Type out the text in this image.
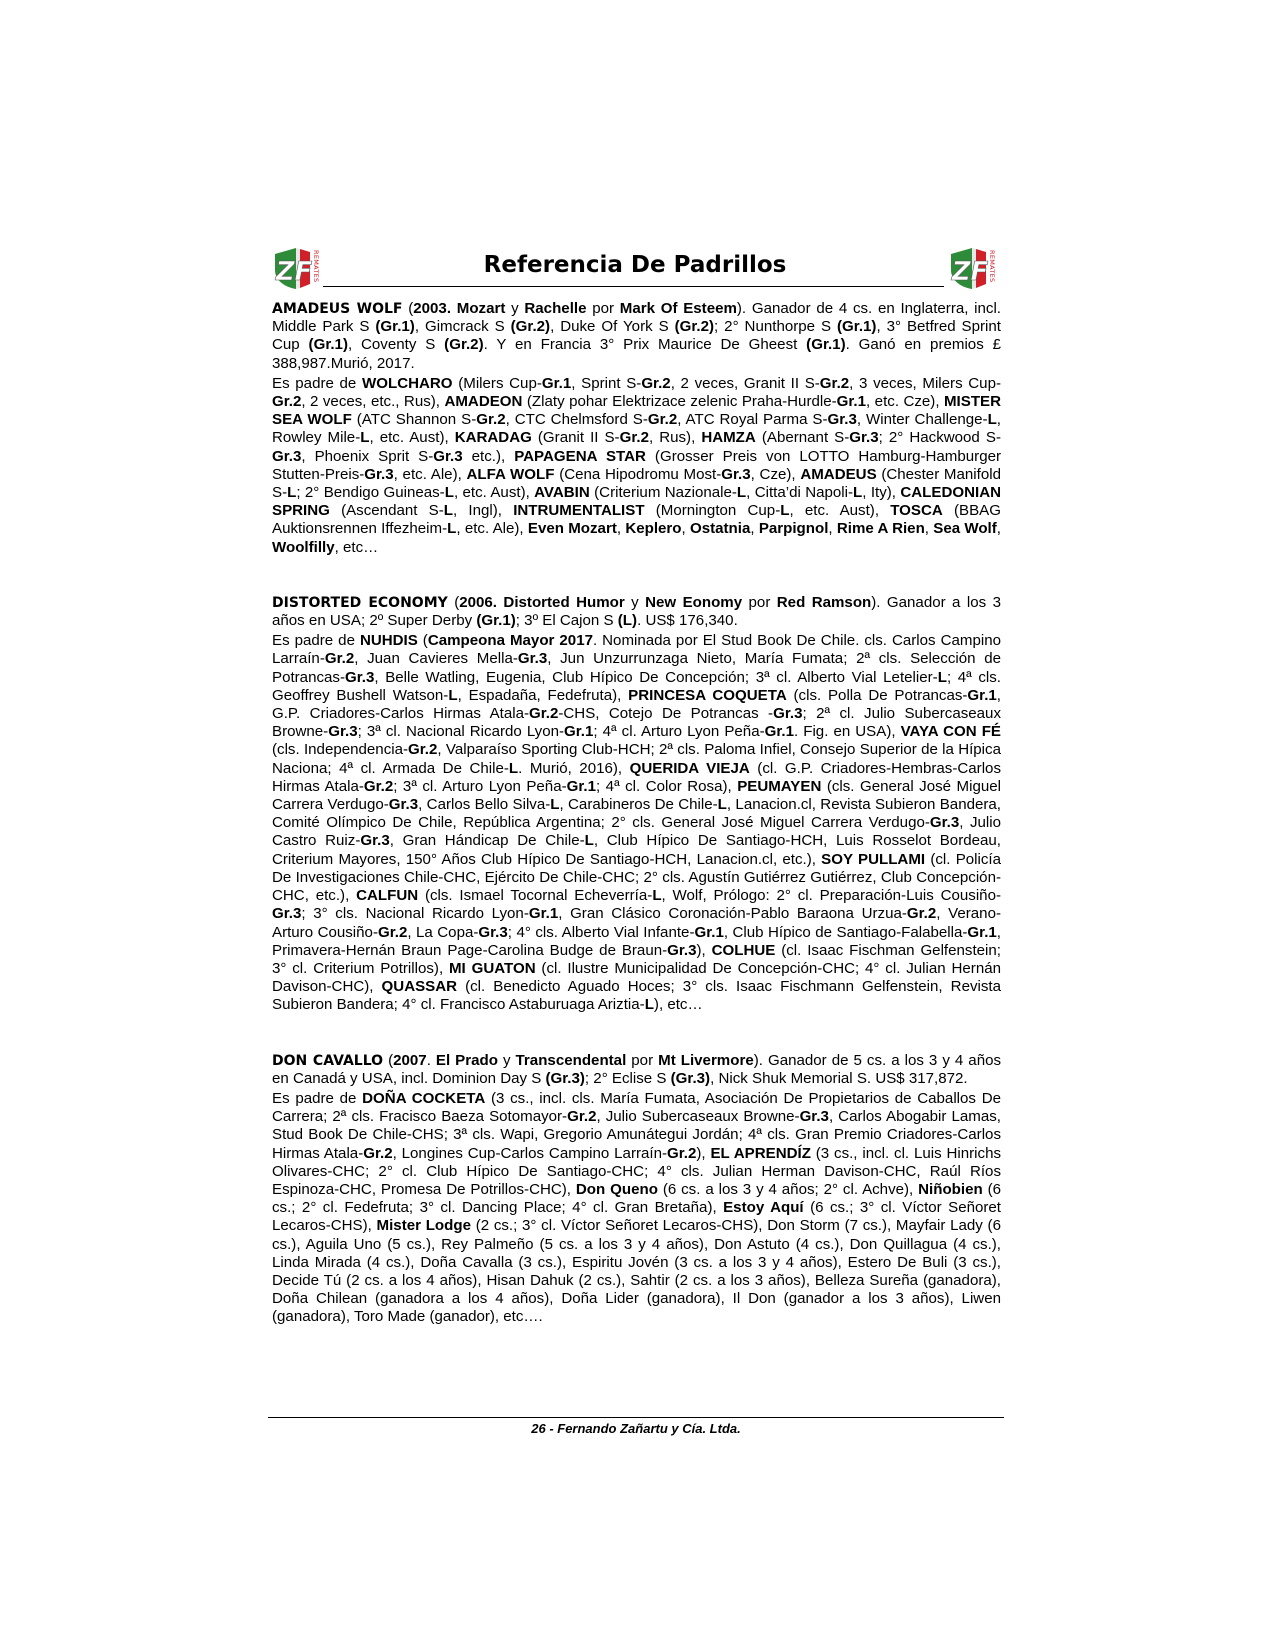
ZF REMATES	Referencia De Padrillos	ZF REMATES

AMADEUS WOLF (2003. Mozart y Rachelle por Mark Of Esteem). Ganador de 4 cs. en Inglaterra, incl. Middle Park S (Gr.1), Gimcrack S (Gr.2), Duke Of York S (Gr.2); 2° Nunthorpe S (Gr.1), 3° Betfred Sprint Cup (Gr.1), Coventy S (Gr.2). Y en Francia 3° Prix Maurice De Gheest (Gr.1). Ganó en premios £ 388,987.Murió, 2017.

Es padre de WOLCHARO (Milers Cup-Gr.1, Sprint S-Gr.2, 2 veces, Granit II S-Gr.2, 3 veces, Milers Cup-Gr.2, 2 veces, etc., Rus), AMADEON (Zlaty pohar Elektrizace zelenic Praha-Hurdle-Gr.1, etc. Cze), MISTER SEA WOLF (ATC Shannon S-Gr.2, CTC Chelmsford S-Gr.2, ATC Royal Parma S-Gr.3, Winter Challenge-L, Rowley Mile-L, etc. Aust), KARADAG (Granit II S-Gr.2, Rus), HAMZA (Abernant S-Gr.3; 2° Hackwood S-Gr.3, Phoenix Sprit S-Gr.3 etc.), PAPAGENA STAR (Grosser Preis von LOTTO Hamburg-Hamburger Stutten-Preis-Gr.3, etc. Ale), ALFA WOLF (Cena Hipodromu Most-Gr.3, Cze), AMADEUS (Chester Manifold S-L; 2° Bendigo Guineas-L, etc. Aust), AVABIN (Criterium Nazionale-L, Citta’di Napoli-L, Ity), CALEDONIAN SPRING (Ascendant S-L, Ingl), INTRUMENTALIST (Mornington Cup-L, etc. Aust), TOSCA (BBAG Auktionsrennen Iffezheim-L, etc. Ale), Even Mozart, Keplero, Ostatnia, Parpignol, Rime A Rien, Sea Wolf, Woolfilly, etc…

DISTORTED ECONOMY (2006. Distorted Humor y New Eonomy por Red Ramson). Ganador a los 3 años en USA; 2º Super Derby (Gr.1); 3º El Cajon S (L). US$ 176,340.

Es padre de NUHDIS (Campeona Mayor 2017. Nominada por El Stud Book De Chile. cls. Carlos Campino Larraín-Gr.2, Juan Cavieres Mella-Gr.3, Jun Unzurrunzaga Nieto, María Fumata; 2ª cls. Selección de Potrancas-Gr.3, Belle Watling, Eugenia, Club Hípico De Concepción; 3ª cl. Alberto Vial Letelier-L; 4ª cls. Geoffrey Bushell Watson-L, Espadaña, Fedefruta), PRINCESA COQUETA (cls. Polla De Potrancas-Gr.1, G.P. Criadores-Carlos Hirmas Atala-Gr.2-CHS, Cotejo De Potrancas -Gr.3; 2ª cl. Julio Subercaseaux Browne-Gr.3; 3ª cl. Nacional Ricardo Lyon-Gr.1; 4ª cl. Arturo Lyon Peña-Gr.1. Fig. en USA), VAYA CON FÉ (cls. Independencia-Gr.2, Valparaíso Sporting Club-HCH; 2ª cls. Paloma Infiel, Consejo Superior de la Hípica Naciona; 4ª cl. Armada De Chile-L. Murió, 2016), QUERIDA VIEJA (cl. G.P. Criadores-Hembras-Carlos Hirmas Atala-Gr.2; 3ª cl. Arturo Lyon Peña-Gr.1; 4ª cl. Color Rosa), PEUMAYEN (cls. General José Miguel Carrera Verdugo-Gr.3, Carlos Bello Silva-L, Carabineros De Chile-L, Lanacion.cl, Revista Subieron Bandera, Comité Olímpico De Chile, República Argentina; 2° cls. General José Miguel Carrera Verdugo-Gr.3, Julio Castro Ruiz-Gr.3, Gran Hándicap De Chile-L, Club Hípico De Santiago-HCH, Luis Rosselot Bordeau, Criterium Mayores, 150° Años Club Hípico De Santiago-HCH, Lanacion.cl, etc.), SOY PULLAMI (cl. Policía De Investigaciones Chile-CHC, Ejército De Chile-CHC; 2° cls. Agustín Gutiérrez Gutiérrez, Club Concepción-CHC, etc.), CALFUN (cls. Ismael Tocornal Echeverría-L, Wolf, Prólogo: 2° cl. Preparación-Luis Cousiño-Gr.3; 3° cls. Nacional Ricardo Lyon-Gr.1, Gran Clásico Coronación-Pablo Baraona Urzua-Gr.2, Verano-Arturo Cousiño-Gr.2, La Copa-Gr.3; 4° cls. Alberto Vial Infante-Gr.1, Club Hípico de Santiago-Falabella-Gr.1, Primavera-Hernán Braun Page-Carolina Budge de Braun-Gr.3), COLHUE (cl. Isaac Fischman Gelfenstein; 3° cl. Criterium Potrillos), MI GUATON (cl. Ilustre Municipalidad De Concepción-CHC; 4° cl. Julian Hernán Davison-CHC), QUASSAR (cl. Benedicto Aguado Hoces; 3° cls. Isaac Fischmann Gelfenstein, Revista Subieron Bandera; 4° cl. Francisco Astaburuaga Ariztia-L), etc…

DON CAVALLO (2007. El Prado y Transcendental por Mt Livermore). Ganador de 5 cs. a los 3 y 4 años en Canadá y USA, incl. Dominion Day S (Gr.3); 2° Eclise S (Gr.3), Nick Shuk Memorial S. US$ 317,872.

Es padre de DOÑA COCKETA (3 cs., incl. cls. María Fumata, Asociación De Propietarios de Caballos De Carrera; 2ª cls. Fracisco Baeza Sotomayor-Gr.2, Julio Subercaseaux Browne-Gr.3, Carlos Abogabir Lamas, Stud Book De Chile-CHS; 3ª cls. Wapi, Gregorio Amunátegui Jordán; 4ª cls. Gran Premio Criadores-Carlos Hirmas Atala-Gr.2, Longines Cup-Carlos Campino Larraín-Gr.2), EL APRENDÍZ (3 cs., incl. cl. Luis Hinrichs Olivares-CHC; 2° cl. Club Hípico De Santiago-CHC; 4° cls. Julian Herman Davison-CHC, Raúl Ríos Espinoza-CHC, Promesa De Potrillos-CHC), Don Queno (6 cs. a los 3 y 4 años; 2° cl. Achve), Niñobien (6 cs.; 2° cl. Fedefruta; 3° cl. Dancing Place; 4° cl. Gran Bretaña), Estoy Aquí (6 cs.; 3° cl. Víctor Señoret Lecaros-CHS), Mister Lodge (2 cs.; 3° cl. Víctor Señoret Lecaros-CHS), Don Storm (7 cs.), Mayfair Lady (6 cs.), Aguila Uno (5 cs.), Rey Palmeño (5 cs. a los 3 y 4 años), Don Astuto (4 cs.), Don Quillagua (4 cs.), Linda Mirada (4 cs.), Doña Cavalla (3 cs.), Espiritu Jovén (3 cs. a los 3 y 4 años), Estero De Buli (3 cs.), Decide Tú (2 cs. a los 4 años), Hisan Dahuk (2 cs.), Sahtir (2 cs. a los 3 años), Belleza Sureña (ganadora), Doña Chilean (ganadora a los 4 años), Doña Lider (ganadora), Il Don (ganador a los 3 años), Liwen (ganadora), Toro Made (ganador), etc….

26 - Fernando Zañartu y Cía. Ltda.
